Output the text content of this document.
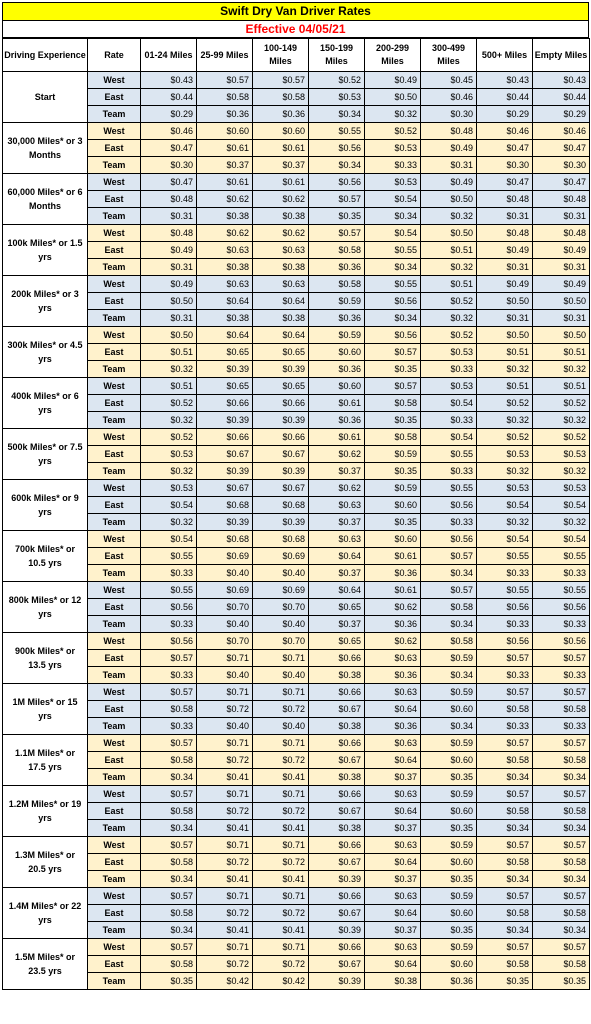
Swift Dry Van Driver Rates
Effective 04/05/21
Driving Experience	Rate	01-24 Miles	25-99 Miles	100-149 Miles	150-199 Miles	200-299 Miles	300-499 Miles	500+ Miles	Empty Miles
Start	West	$0.43	$0.57	$0.57	$0.52	$0.49	$0.45	$0.43	$0.43
	East	$0.44	$0.58	$0.58	$0.53	$0.50	$0.46	$0.44	$0.44
	Team	$0.29	$0.36	$0.36	$0.34	$0.32	$0.30	$0.29	$0.29
30,000 Miles* or 3 Months	West	$0.46	$0.60	$0.60	$0.55	$0.52	$0.48	$0.46	$0.46
	East	$0.47	$0.61	$0.61	$0.56	$0.53	$0.49	$0.47	$0.47
	Team	$0.30	$0.37	$0.37	$0.34	$0.33	$0.31	$0.30	$0.30
60,000 Miles* or 6 Months	West	$0.47	$0.61	$0.61	$0.56	$0.53	$0.49	$0.47	$0.47
	East	$0.48	$0.62	$0.62	$0.57	$0.54	$0.50	$0.48	$0.48
	Team	$0.31	$0.38	$0.38	$0.35	$0.34	$0.32	$0.31	$0.31
100k Miles* or 1.5 yrs	West	$0.48	$0.62	$0.62	$0.57	$0.54	$0.50	$0.48	$0.48
	East	$0.49	$0.63	$0.63	$0.58	$0.55	$0.51	$0.49	$0.49
	Team	$0.31	$0.38	$0.38	$0.36	$0.34	$0.32	$0.31	$0.31
200k Miles* or 3 yrs	West	$0.49	$0.63	$0.63	$0.58	$0.55	$0.51	$0.49	$0.49
	East	$0.50	$0.64	$0.64	$0.59	$0.56	$0.52	$0.50	$0.50
	Team	$0.31	$0.38	$0.38	$0.36	$0.34	$0.32	$0.31	$0.31
300k Miles* or 4.5 yrs	West	$0.50	$0.64	$0.64	$0.59	$0.56	$0.52	$0.50	$0.50
	East	$0.51	$0.65	$0.65	$0.60	$0.57	$0.53	$0.51	$0.51
	Team	$0.32	$0.39	$0.39	$0.36	$0.35	$0.33	$0.32	$0.32
400k Miles* or 6 yrs	West	$0.51	$0.65	$0.65	$0.60	$0.57	$0.53	$0.51	$0.51
	East	$0.52	$0.66	$0.66	$0.61	$0.58	$0.54	$0.52	$0.52
	Team	$0.32	$0.39	$0.39	$0.36	$0.35	$0.33	$0.32	$0.32
500k Miles* or 7.5 yrs	West	$0.52	$0.66	$0.66	$0.61	$0.58	$0.54	$0.52	$0.52
	East	$0.53	$0.67	$0.67	$0.62	$0.59	$0.55	$0.53	$0.53
	Team	$0.32	$0.39	$0.39	$0.37	$0.35	$0.33	$0.32	$0.32
600k Miles* or 9 yrs	West	$0.53	$0.67	$0.67	$0.62	$0.59	$0.55	$0.53	$0.53
	East	$0.54	$0.68	$0.68	$0.63	$0.60	$0.56	$0.54	$0.54
	Team	$0.32	$0.39	$0.39	$0.37	$0.35	$0.33	$0.32	$0.32
700k Miles* or 10.5 yrs	West	$0.54	$0.68	$0.68	$0.63	$0.60	$0.56	$0.54	$0.54
	East	$0.55	$0.69	$0.69	$0.64	$0.61	$0.57	$0.55	$0.55
	Team	$0.33	$0.40	$0.40	$0.37	$0.36	$0.34	$0.33	$0.33
800k Miles* or 12 yrs	West	$0.55	$0.69	$0.69	$0.64	$0.61	$0.57	$0.55	$0.55
	East	$0.56	$0.70	$0.70	$0.65	$0.62	$0.58	$0.56	$0.56
	Team	$0.33	$0.40	$0.40	$0.37	$0.36	$0.34	$0.33	$0.33
900k Miles* or 13.5 yrs	West	$0.56	$0.70	$0.70	$0.65	$0.62	$0.58	$0.56	$0.56
	East	$0.57	$0.71	$0.71	$0.66	$0.63	$0.59	$0.57	$0.57
	Team	$0.33	$0.40	$0.40	$0.38	$0.36	$0.34	$0.33	$0.33
1M Miles* or 15 yrs	West	$0.57	$0.71	$0.71	$0.66	$0.63	$0.59	$0.57	$0.57
	East	$0.58	$0.72	$0.72	$0.67	$0.64	$0.60	$0.58	$0.58
	Team	$0.33	$0.40	$0.40	$0.38	$0.36	$0.34	$0.33	$0.33
1.1M Miles* or 17.5 yrs	West	$0.57	$0.71	$0.71	$0.66	$0.63	$0.59	$0.57	$0.57
	East	$0.58	$0.72	$0.72	$0.67	$0.64	$0.60	$0.58	$0.58
	Team	$0.34	$0.41	$0.41	$0.38	$0.37	$0.35	$0.34	$0.34
1.2M Miles* or 19 yrs	West	$0.57	$0.71	$0.71	$0.66	$0.63	$0.59	$0.57	$0.57
	East	$0.58	$0.72	$0.72	$0.67	$0.64	$0.60	$0.58	$0.58
	Team	$0.34	$0.41	$0.41	$0.38	$0.37	$0.35	$0.34	$0.34
1.3M Miles* or 20.5 yrs	West	$0.57	$0.71	$0.71	$0.66	$0.63	$0.59	$0.57	$0.57
	East	$0.58	$0.72	$0.72	$0.67	$0.64	$0.60	$0.58	$0.58
	Team	$0.34	$0.41	$0.41	$0.39	$0.37	$0.35	$0.34	$0.34
1.4M Miles* or 22 yrs	West	$0.57	$0.71	$0.71	$0.66	$0.63	$0.59	$0.57	$0.57
	East	$0.58	$0.72	$0.72	$0.67	$0.64	$0.60	$0.58	$0.58
	Team	$0.34	$0.41	$0.41	$0.39	$0.37	$0.35	$0.34	$0.34
1.5M Miles* or 23.5 yrs	West	$0.57	$0.71	$0.71	$0.66	$0.63	$0.59	$0.57	$0.57
	East	$0.58	$0.72	$0.72	$0.67	$0.64	$0.60	$0.58	$0.58
	Team	$0.35	$0.42	$0.42	$0.39	$0.38	$0.36	$0.35	$0.35
